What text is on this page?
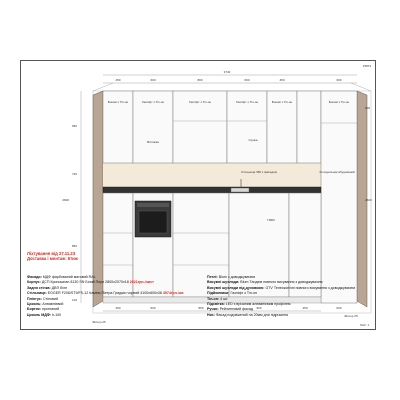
15873
3740
450	600	800	600	450	600
450	600	850	900	450	600
950
720
2600
860
600
2600
120
Фільтр 25
Фільтр 25
Бокові з Тіп-он	Газліфт з Тіп-он	Газліфт з Тіп-он	Газліфт з Тіп-он	Бокові з Тіп-он	Бокові з Тіп-он
Витяжка	Сушка
Стільниця 350 з фасадом	Холодильник вбудований
ПММ
Ліхтування від 27.11.23
Доставка і монтаж: 6тиж
Фасади: МДФ фарбований матовий RAL
Корпус: ДСП Кроношпан 8130 SN Білий Перл 2800х2070х18 2921грн./лист
Задня стінка: ДВП біле
Стільниця: EGGER F206/ST9/FS-12 Камінь Піетра Гриджіо чорний 4100х600х38 4974грн./шт.
Плінтус: Стіновий
Цоколь: Алюмінієвий
Бортик: прогнаний
Цоколь МДФ: h-100
Петлі: Blum з доводжувачем
Висувні шухляди: Blum Тандем повного висування з доводжувачем
Висувні шухляди під духовкою: GTV Телескопічні повного висування з доводжувачем
Підйомники: Газліфт з Тіп-он
Тіп-он: 4 шт.
Підсвітка: LED з врізаним алюмінієвим профілем
Ручки: Рейлинговий фасад
Низ: Фасад подовжений на 20мм для підрізання
Лист 1
